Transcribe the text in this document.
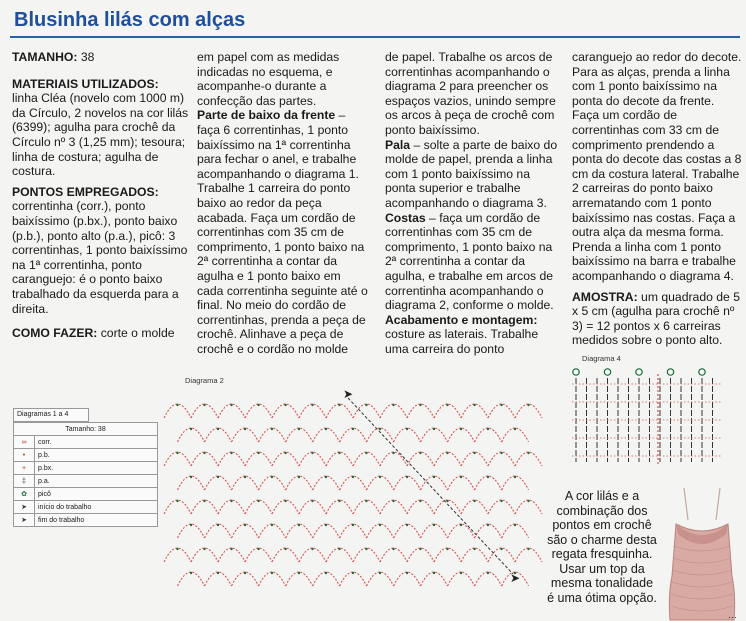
Blusinha lilás com alças

TAMANHO: 38

MATERIAIS UTILIZADOS:
linha Cléa (novelo com 1000 m) da Círculo, 2 novelos na cor lilás (6399); agulha para crochê da Círculo nº 3 (1,25 mm); tesoura; linha de costura; agulha de costura.

PONTOS EMPREGADOS:
correntinha (corr.), ponto baixíssimo (p.bx.), ponto baixo (p.b.), ponto alto (p.a.), picô: 3 correntinhas, 1 ponto baixíssimo na 1ª correntinha, ponto caranguejo: é o ponto baixo trabalhado da esquerda para a direita.

COMO FAZER: corte o molde

em papel com as medidas indicadas no esquema, e acompanhe-o durante a confecção das partes.

Parte de baixo da frente – faça 6 correntinhas, 1 ponto baixíssimo na 1ª correntinha para fechar o anel, e trabalhe acompanhando o diagrama 1. Trabalhe 1 carreira do ponto baixo ao redor da peça acabada. Faça um cordão de correntinhas com 35 cm de comprimento, 1 ponto baixo na 2ª correntinha a contar da agulha e 1 ponto baixo em cada correntinha seguinte até o final. No meio do cordão de correntinhas, prenda a peça de crochê. Alinhave a peça de crochê e o cordão no molde

de papel. Trabalhe os arcos de correntinhas acompanhando o diagrama 2 para preencher os espaços vazios, unindo sempre os arcos à peça de crochê com ponto baixíssimo.

Pala – solte a parte de baixo do molde de papel, prenda a linha com 1 ponto baixíssimo na ponta superior e trabalhe acompanhando o diagrama 3.

Costas – faça um cordão de correntinhas com 35 cm de comprimento, 1 ponto baixo na 2ª correntinha a contar da agulha, e trabalhe em arcos de correntinha acompanhando o diagrama 2, conforme o molde.

Acabamento e montagem: costure as laterais. Trabalhe uma carreira do ponto

caranguejo ao redor do decote. Para as alças, prenda a linha com 1 ponto baixíssimo na ponta do decote da frente. Faça um cordão de correntinhas com 33 cm de comprimento prendendo a ponta do decote das costas a 8 cm da costura lateral. Trabalhe 2 carreiras do ponto baixo arrematando com 1 ponto baixíssimo nas costas. Faça a outra alça da mesma forma. Prenda a linha com 1 ponto baixíssimo na barra e trabalhe acompanhando o diagrama 4.

AMOSTRA: um quadrado de 5 x 5 cm (agulha para crochê nº 3) = 12 pontos x 6 carreiras medidos sobre o ponto alto.

Diagramas 1 a 4
Tamanho: 38	
∞	corr.
•	p.b.
+	p.bx.
‡	p.a.
✿	picô
➤	início do trabalho
➤	fim do trabalho
Diagrama 2
➤
➤
Diagrama 4
A cor lilás e a combinação dos pontos em crochê são o charme desta regata fresquinha. Usar um top da mesma tonalidade é uma ótima opção.
…
